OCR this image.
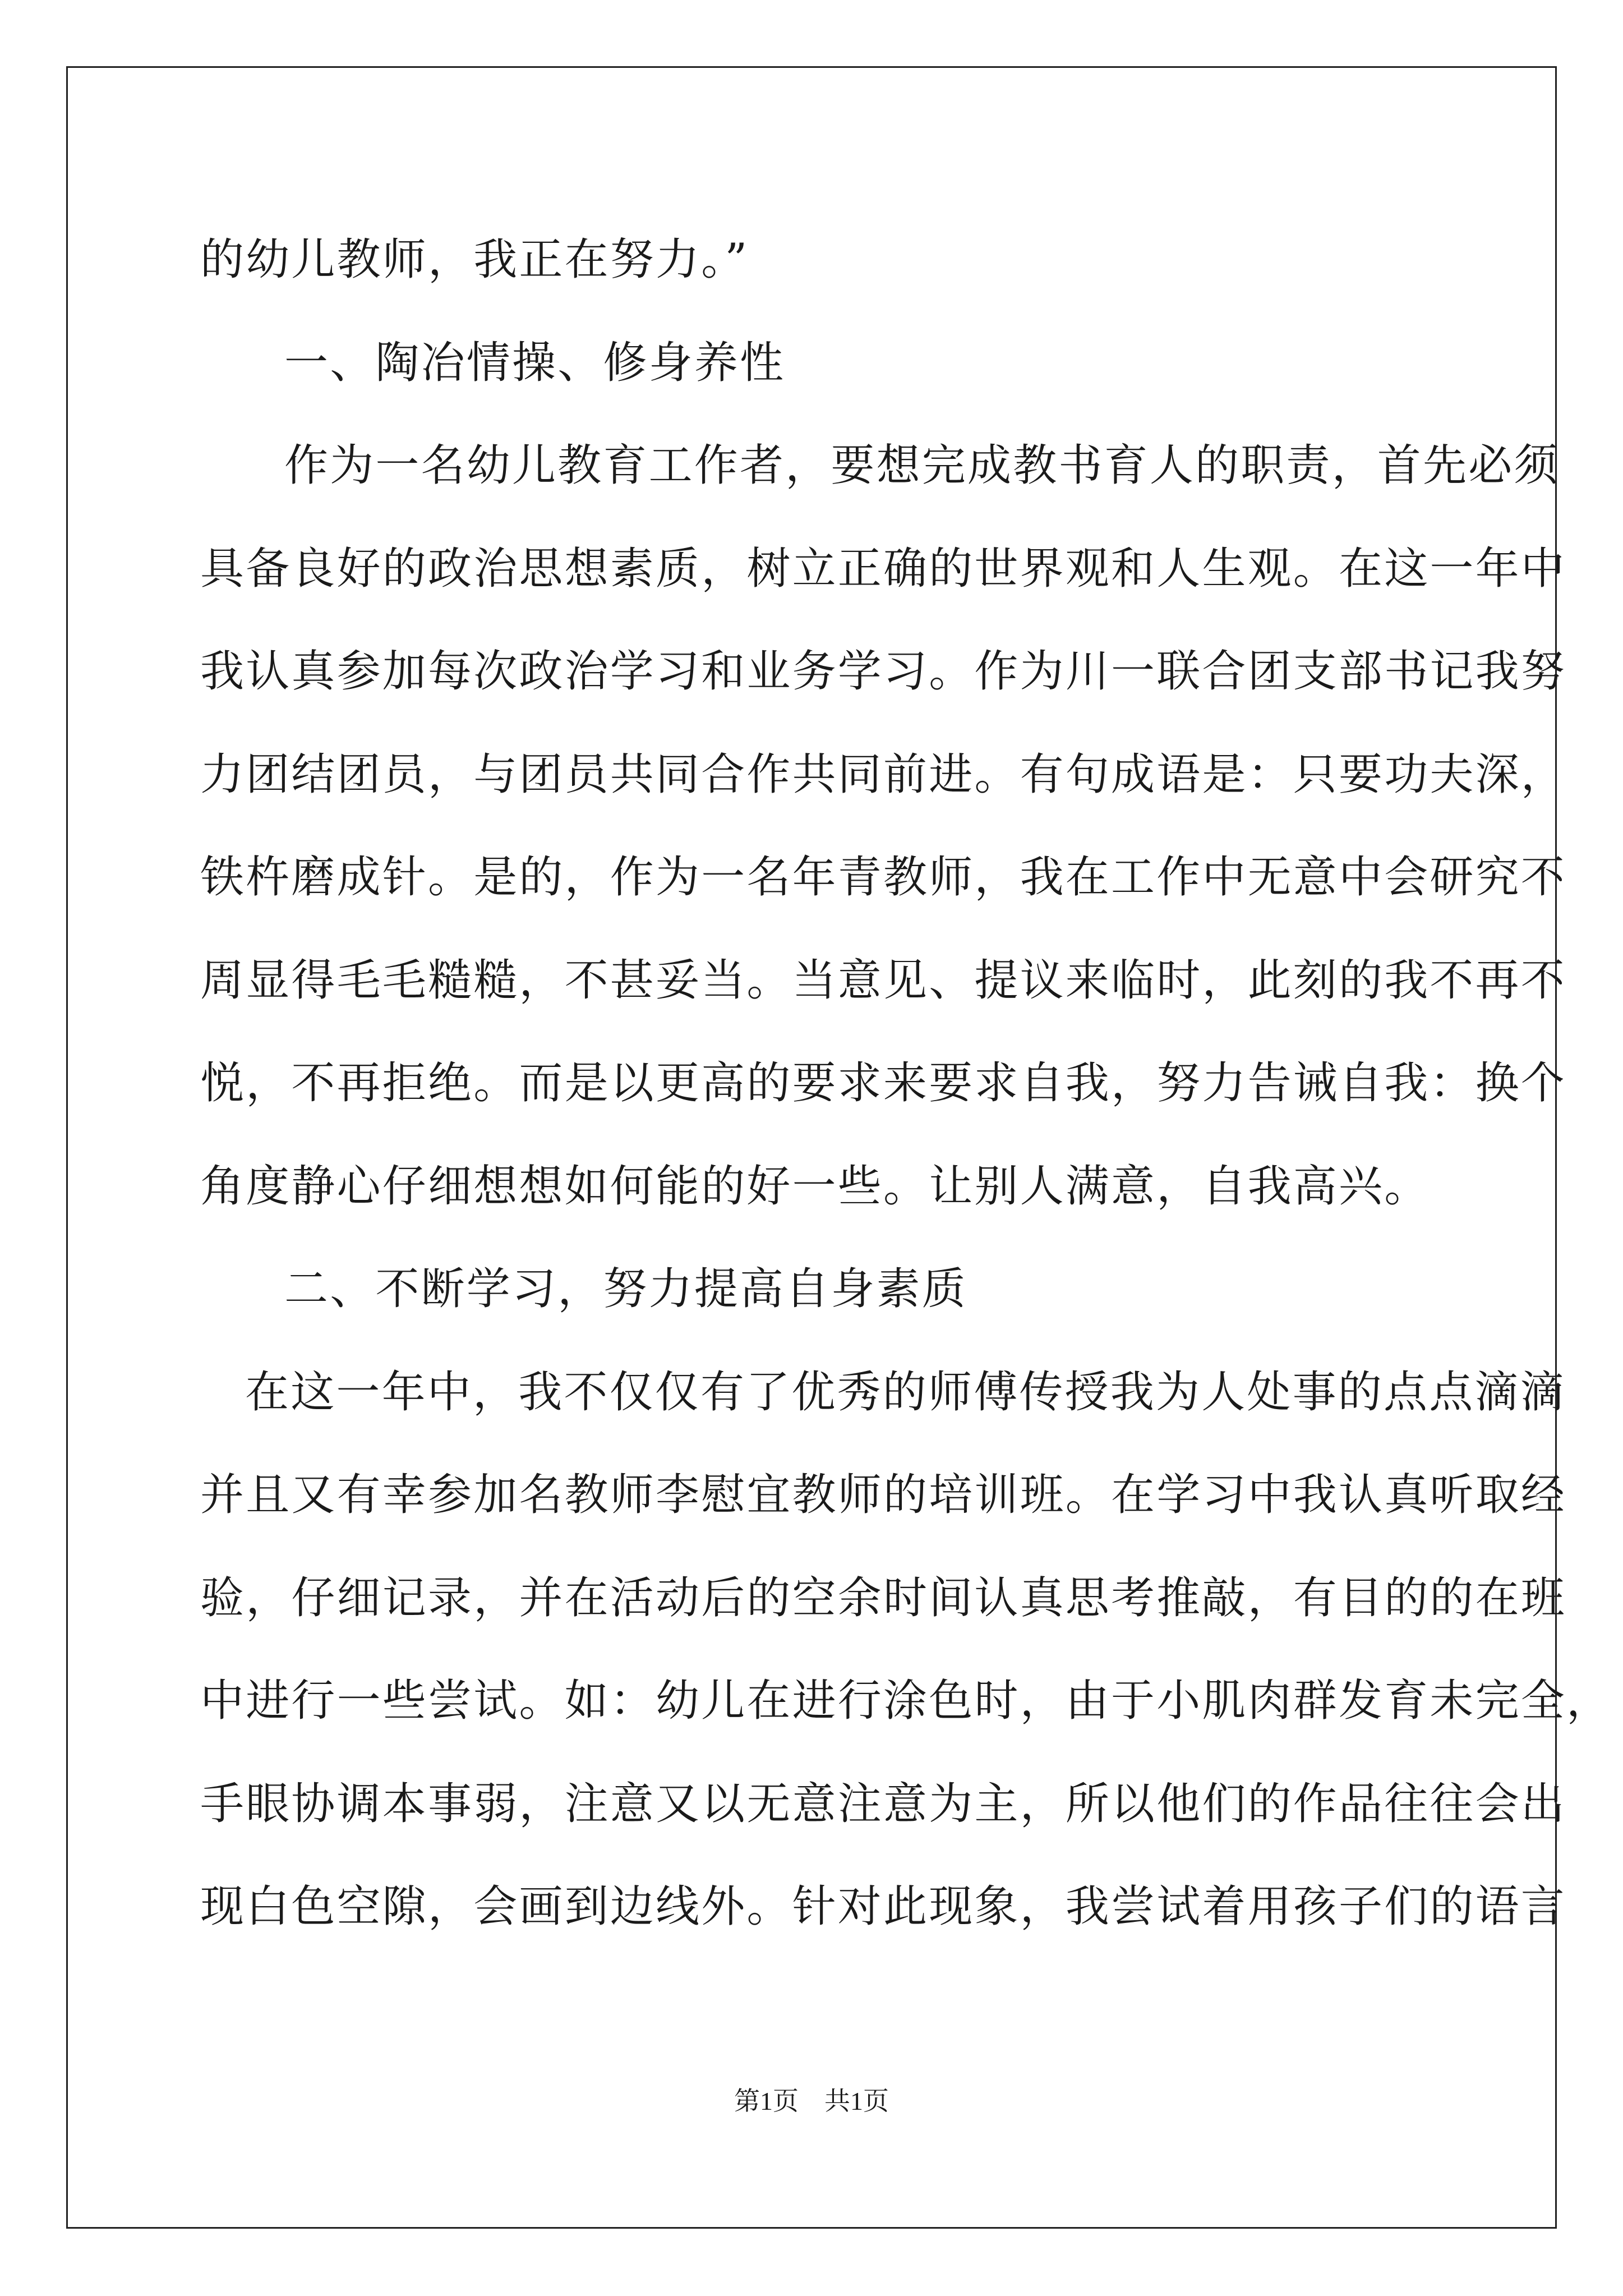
的幼儿教师，我正在努力。”
一、陶冶情操、修身养性
作为一名幼儿教育工作者，要想完成教书育人的职责，首先必须
具备良好的政治思想素质，树立正确的世界观和人生观。在这一年中
我认真参加每次政治学习和业务学习。作为川一联合团支部书记我努
力团结团员，与团员共同合作共同前进。有句成语是：只要功夫深，
铁杵磨成针。是的，作为一名年青教师，我在工作中无意中会研究不
周显得毛毛糙糙，不甚妥当。当意见、提议来临时，此刻的我不再不
悦，不再拒绝。而是以更高的要求来要求自我，努力告诫自我：换个
角度静心仔细想想如何能的好一些。让别人满意，自我高兴。
二、不断学习，努力提高自身素质
在这一年中，我不仅仅有了优秀的师傅传授我为人处事的点点滴滴
并且又有幸参加名教师李慰宜教师的培训班。在学习中我认真听取经
验，仔细记录，并在活动后的空余时间认真思考推敲，有目的的在班
中进行一些尝试。如：幼儿在进行涂色时，由于小肌肉群发育未完全，
手眼协调本事弱，注意又以无意注意为主，所以他们的作品往往会出
现白色空隙，会画到边线外。针对此现象，我尝试着用孩子们的语言
第1页 共1页
